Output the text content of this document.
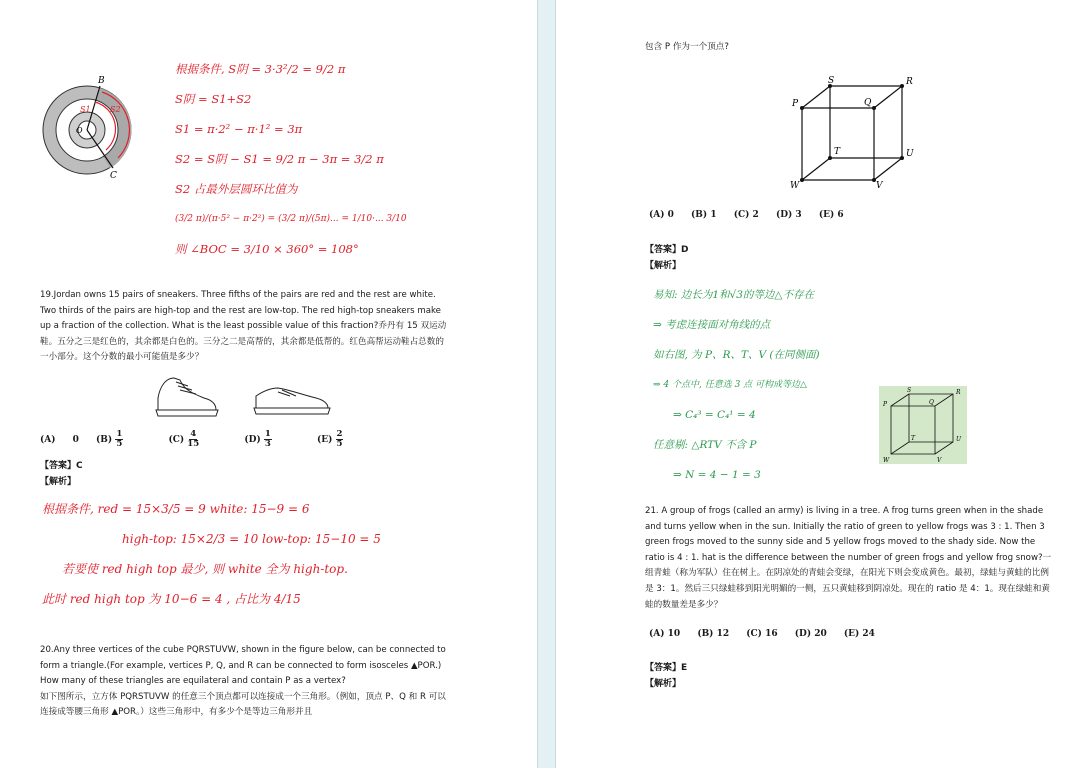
B
C
O
S1 S2
根据条件, S阴 = 3·3²/2 = 9/2 π
S阴 = S1+S2
S1 = π·2² − π·1² = 3π
S2 = S阴 − S1 = 9/2 π − 3π = 3/2 π
S2 占最外层圆环比值为
(3/2 π)/(π·5² − π·2²) = (3/2 π)/(5π)... = 1/10·... 3/10
则 ∠BOC = 3/10 × 360° = 108°
19.Jordan owns 15 pairs of sneakers. Three fifths of the pairs are red and the rest are white. Two thirds of the pairs are high-top and the rest are low-top. The red high-top sneakers make up a fraction of the collection. What is the least possible value of this fraction?乔丹有 15 双运动鞋。五分之三是红色的，其余都是白色的。三分之二是高帮的，其余都是低帮的。红色高帮运动鞋占总数的一小部分。这个分数的最小可能值是多少？
(A) 0 $(B) \frac{1}{5}$	$(C) \frac{4}{15}$	$(D) \frac{1}{3}$	$(E) \frac{2}{5}$
【答案】C
【解析】
根据条件, red = 15×3/5 = 9 white: 15−9 = 6
high-top: 15×2/3 = 10 low-top: 15−10 = 5
若要使 red high top 最少, 则 white 全为 high-top.
此时 red high top 为 10−6 = 4 , 占比为 4/15
20.Any three vertices of the cube PQRSTUVW, shown in the figure below, can be connected to form a triangle.(For example, vertices P, Q, and R can be connected to form isosceles ▲POR.) How many of these triangles are equilateral and contain P as a vertex?
如下图所示，立方体 PQRSTUVW 的任意三个顶点都可以连接成一个三角形。（例如，顶点 P、Q 和 R 可以连接成等腰三角形 ▲POR。）这些三角形中，有多少个是等边三角形并且
包含 P 作为一个顶点?
P	Q
R
S
T	U
V
W
(A) 0 (B) 1 (C) 2 (D) 3 (E) 6
【答案】D
【解析】
易知: 边长为1和√3的等边△不存在
⇒ 考虑连接面对角线的点
如右图, 为 P、R、T、V (在同侧面)
⇒ 4 个点中, 任意选 3 点 可构成等边△
⇒ C₄³ = C₄¹ = 4
任意剔: △RTV 不含 P
⇒ N = 4 − 1 = 3
P	Q
R
S
T	U
V
W
21. A group of frogs (called an army) is living in a tree. A frog turns green when in the shade and turns yellow when in the sun. Initially the ratio of green to yellow frogs was 3 : 1. Then 3 green frogs moved to the sunny side and 5 yellow frogs moved to the shady side. Now the ratio is 4 : 1. hat is the difference between the number of green frogs and yellow frog snow?一组青蛙（称为军队）住在树上。在阴凉处的青蛙会变绿，在阳光下则会变成黄色。最初，绿蛙与黄蛙的比例是 3：1。然后三只绿蛙移到阳光明媚的一侧，五只黄蛙移到阴凉处。现在的 ratio 是 4：1。现在绿蛙和黄蛙的数量差是多少？
(A) 10 (B) 12 (C) 16 (D) 20 (E) 24
【答案】E
【解析】
